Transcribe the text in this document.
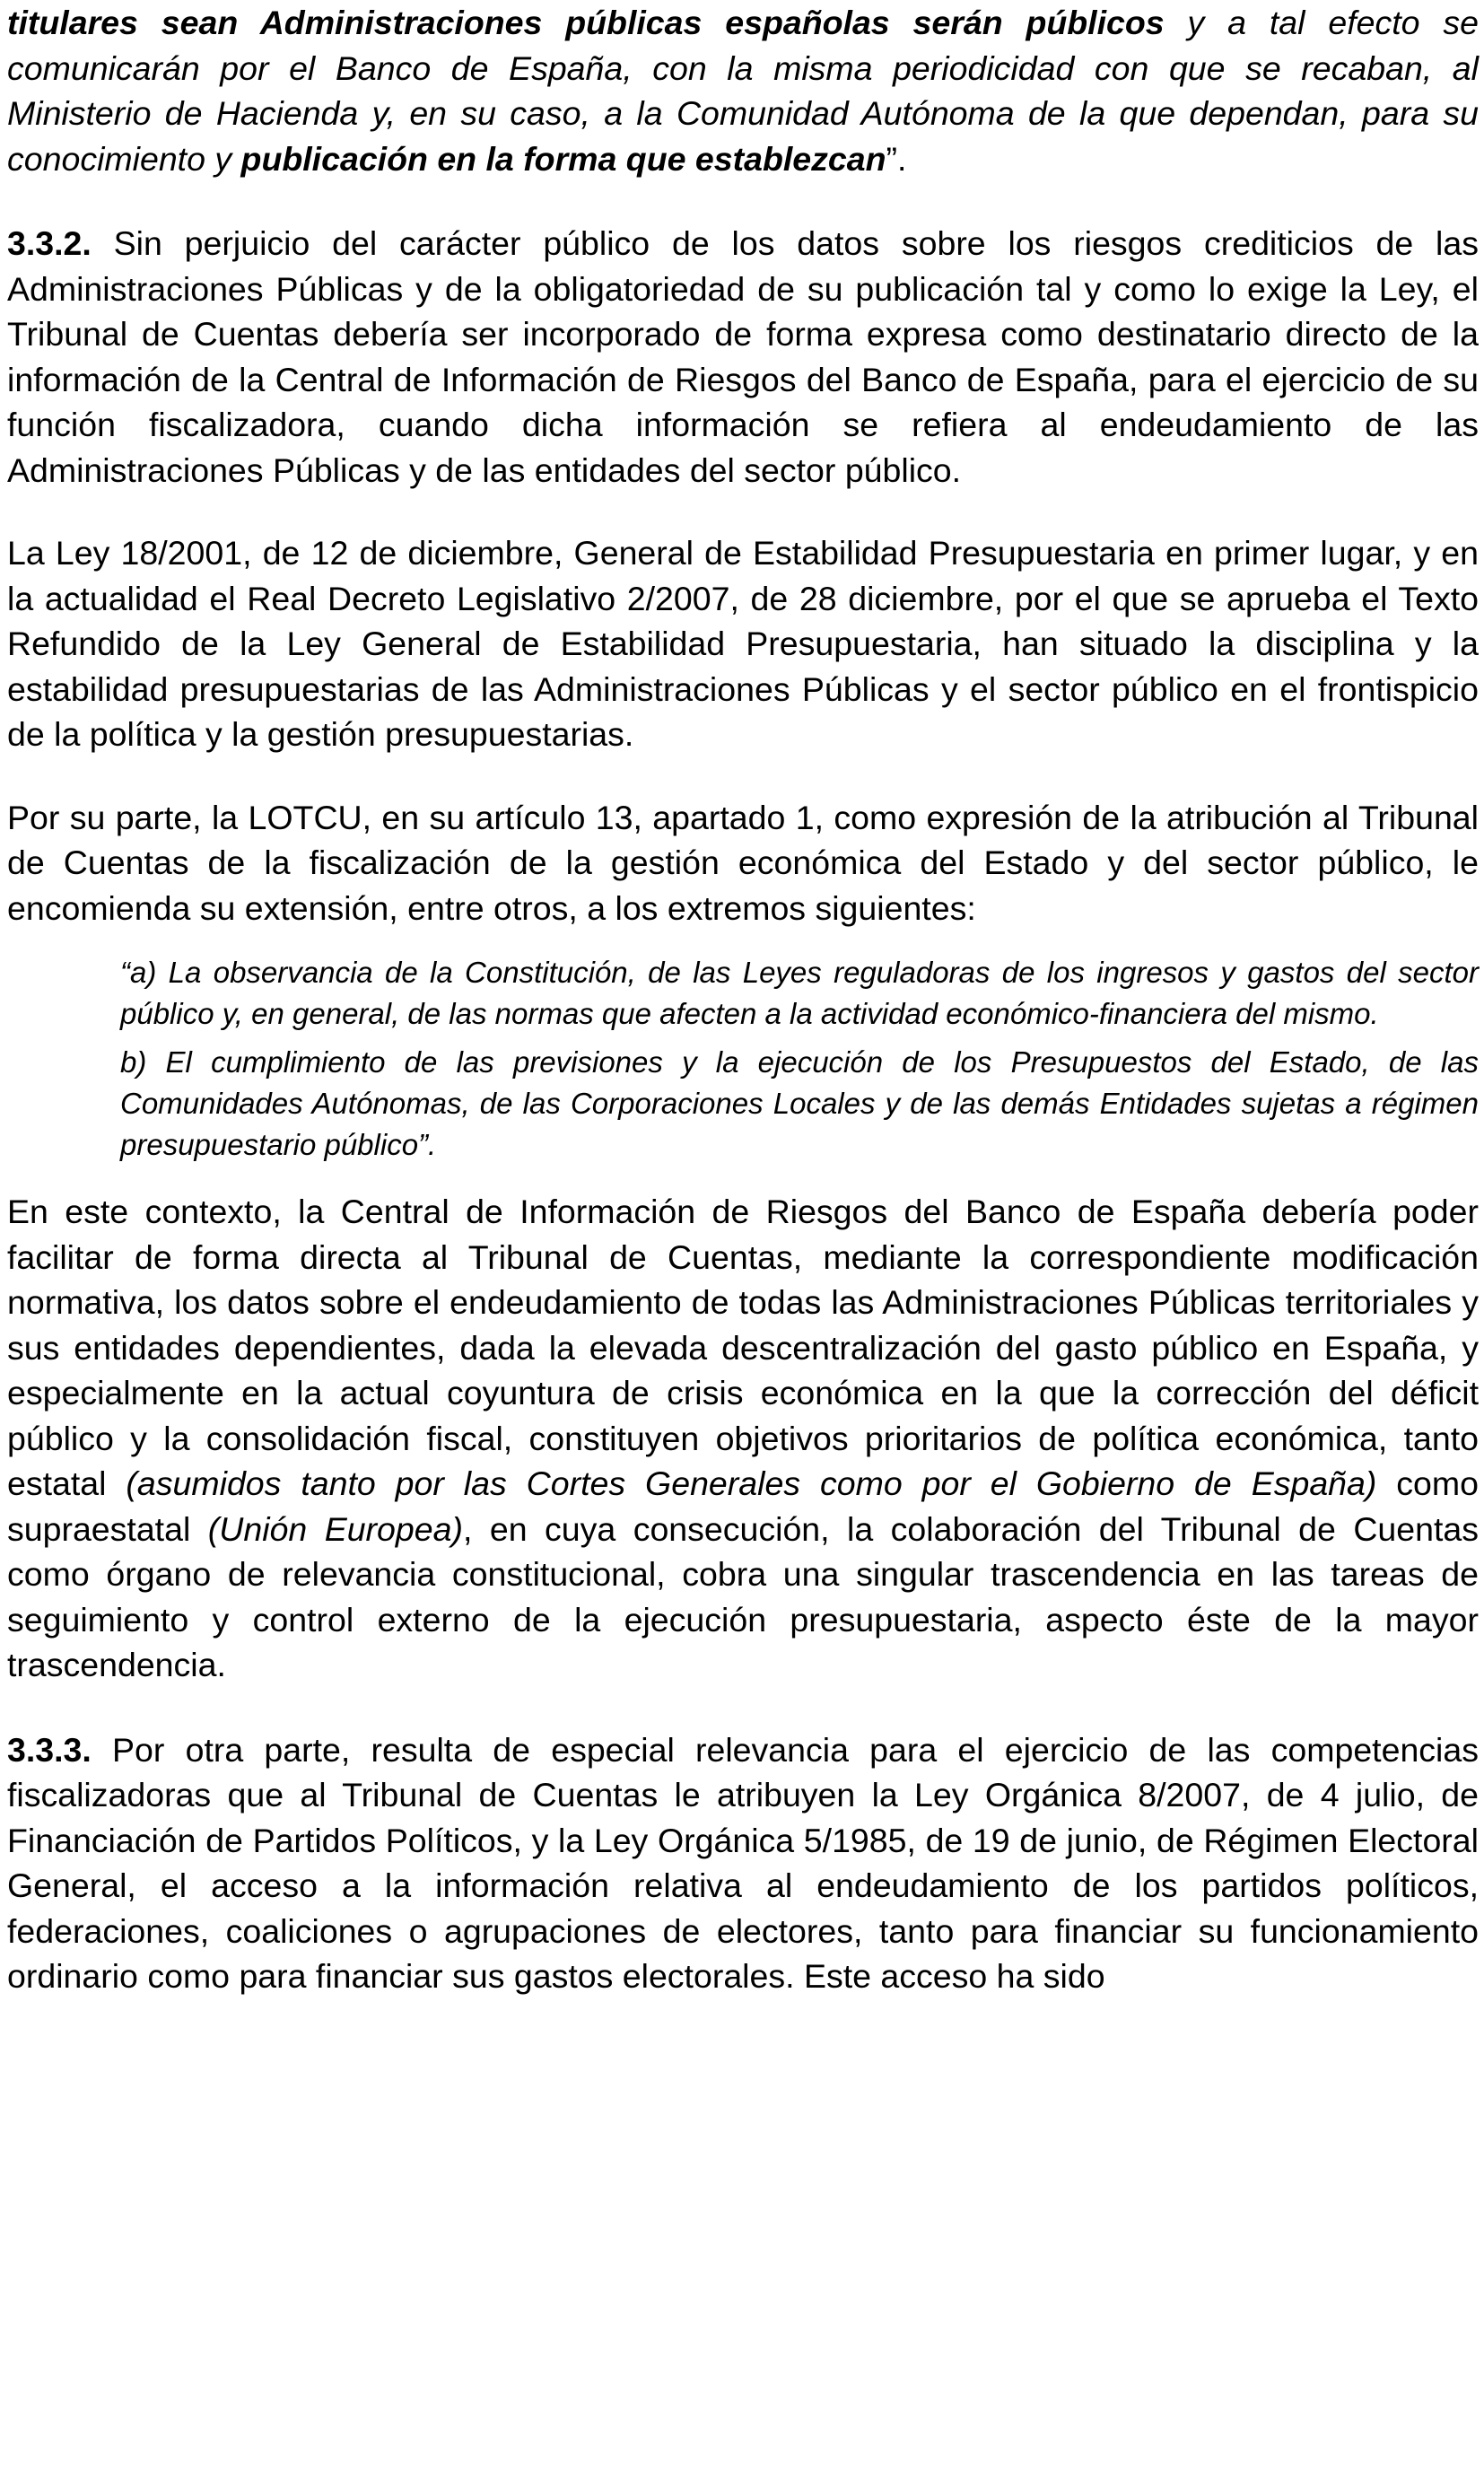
titulares sean Administraciones públicas españolas serán públicos y a tal efecto se comunicarán por el Banco de España, con la misma periodicidad con que se recaban, al Ministerio de Hacienda y, en su caso, a la Comunidad Autónoma de la que dependan, para su conocimiento y publicación en la forma que establezcan”.

3.3.2. Sin perjuicio del carácter público de los datos sobre los riesgos crediticios de las Administraciones Públicas y de la obligatoriedad de su publicación tal y como lo exige la Ley, el Tribunal de Cuentas debería ser incorporado de forma expresa como destinatario directo de la información de la Central de Información de Riesgos del Banco de España, para el ejercicio de su función fiscalizadora, cuando dicha información se refiera al endeudamiento de las Administraciones Públicas y de las entidades del sector público.

La Ley 18/2001, de 12 de diciembre, General de Estabilidad Presupuestaria en primer lugar, y en la actualidad el Real Decreto Legislativo 2/2007, de 28 diciembre, por el que se aprueba el Texto Refundido de la Ley General de Estabilidad Presupuestaria, han situado la disciplina y la estabilidad presupuestarias de las Administraciones Públicas y el sector público en el frontispicio de la política y la gestión presupuestarias.

Por su parte, la LOTCU, en su artículo 13, apartado 1, como expresión de la atribución al Tribunal de Cuentas de la fiscalización de la gestión económica del Estado y del sector público, le encomienda su extensión, entre otros, a los extremos siguientes:

“a) La observancia de la Constitución, de las Leyes reguladoras de los ingresos y gastos del sector público y, en general, de las normas que afecten a la actividad económico-financiera del mismo.

b) El cumplimiento de las previsiones y la ejecución de los Presupuestos del Estado, de las Comunidades Autónomas, de las Corporaciones Locales y de las demás Entidades sujetas a régimen presupuestario público”.

En este contexto, la Central de Información de Riesgos del Banco de España debería poder facilitar de forma directa al Tribunal de Cuentas, mediante la correspondiente modificación normativa, los datos sobre el endeudamiento de todas las Administraciones Públicas territoriales y sus entidades dependientes, dada la elevada descentralización del gasto público en España, y especialmente en la actual coyuntura de crisis económica en la que la corrección del déficit público y la consolidación fiscal, constituyen objetivos prioritarios de política económica, tanto estatal (asumidos tanto por las Cortes Generales como por el Gobierno de España) como supraestatal (Unión Europea), en cuya consecución, la colaboración del Tribunal de Cuentas como órgano de relevancia constitucional, cobra una singular trascendencia en las tareas de seguimiento y control externo de la ejecución presupuestaria, aspecto éste de la mayor trascendencia.

3.3.3. Por otra parte, resulta de especial relevancia para el ejercicio de las competencias fiscalizadoras que al Tribunal de Cuentas le atribuyen la Ley Orgánica 8/2007, de 4 julio, de Financiación de Partidos Políticos, y la Ley Orgánica 5/1985, de 19 de junio, de Régimen Electoral General, el acceso a la información relativa al endeudamiento de los partidos políticos, federaciones, coaliciones o agrupaciones de electores, tanto para financiar su funcionamiento ordinario como para financiar sus gastos electorales. Este acceso ha sido
